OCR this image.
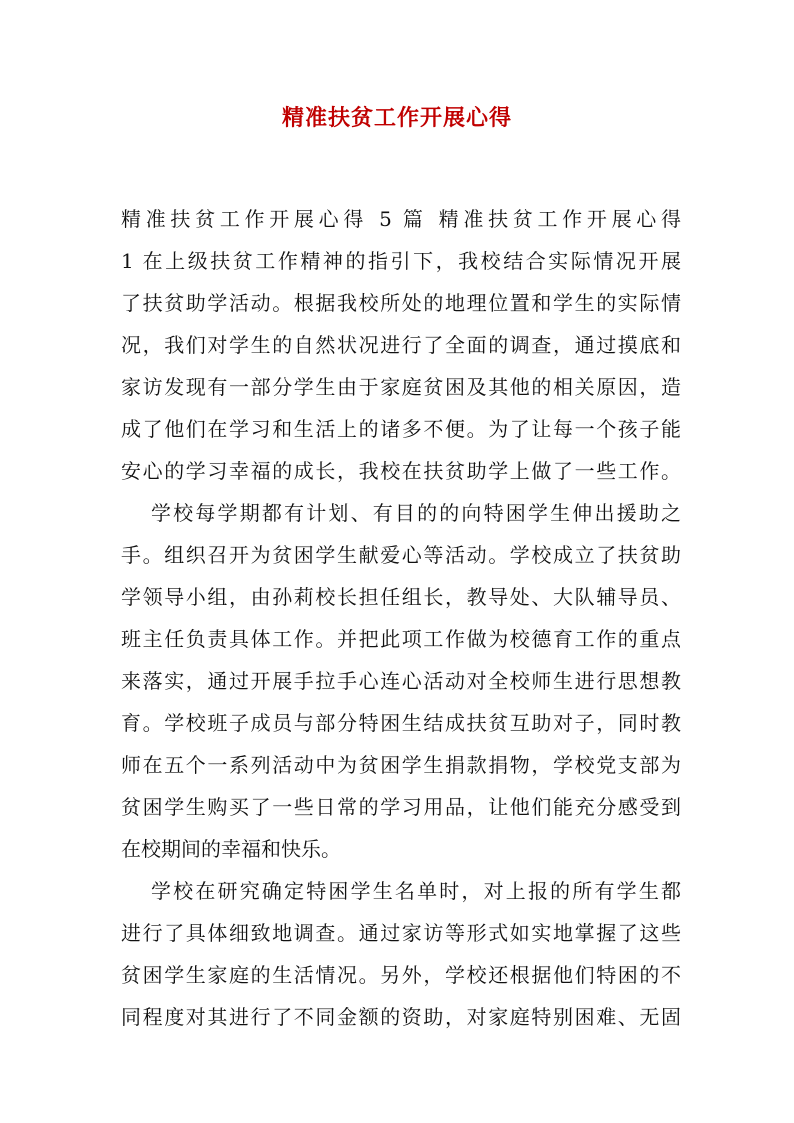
精准扶贫工作开展心得
精准扶贫工作开展心得 5 篇 精准扶贫工作开展心得
1 在上级扶贫工作精神的指引下，我校结合实际情况开展
了扶贫助学活动。根据我校所处的地理位置和学生的实际情
况，我们对学生的自然状况进行了全面的调查，通过摸底和
家访发现有一部分学生由于家庭贫困及其他的相关原因，造
成了他们在学习和生活上的诸多不便。为了让每一个孩子能
安心的学习幸福的成长，我校在扶贫助学上做了一些工作。
学校每学期都有计划、有目的的向特困学生伸出援助之
手。组织召开为贫困学生献爱心等活动。学校成立了扶贫助
学领导小组，由孙莉校长担任组长，教导处、大队辅导员、
班主任负责具体工作。并把此项工作做为校德育工作的重点
来落实，通过开展手拉手心连心活动对全校师生进行思想教
育。学校班子成员与部分特困生结成扶贫互助对子，同时教
师在五个一系列活动中为贫困学生捐款捐物，学校党支部为
贫困学生购买了一些日常的学习用品，让他们能充分感受到
在校期间的幸福和快乐。
学校在研究确定特困学生名单时，对上报的所有学生都
进行了具体细致地调查。通过家访等形式如实地掌握了这些
贫困学生家庭的生活情况。另外，学校还根据他们特困的不
同程度对其进行了不同金额的资助，对家庭特别困难、无固
